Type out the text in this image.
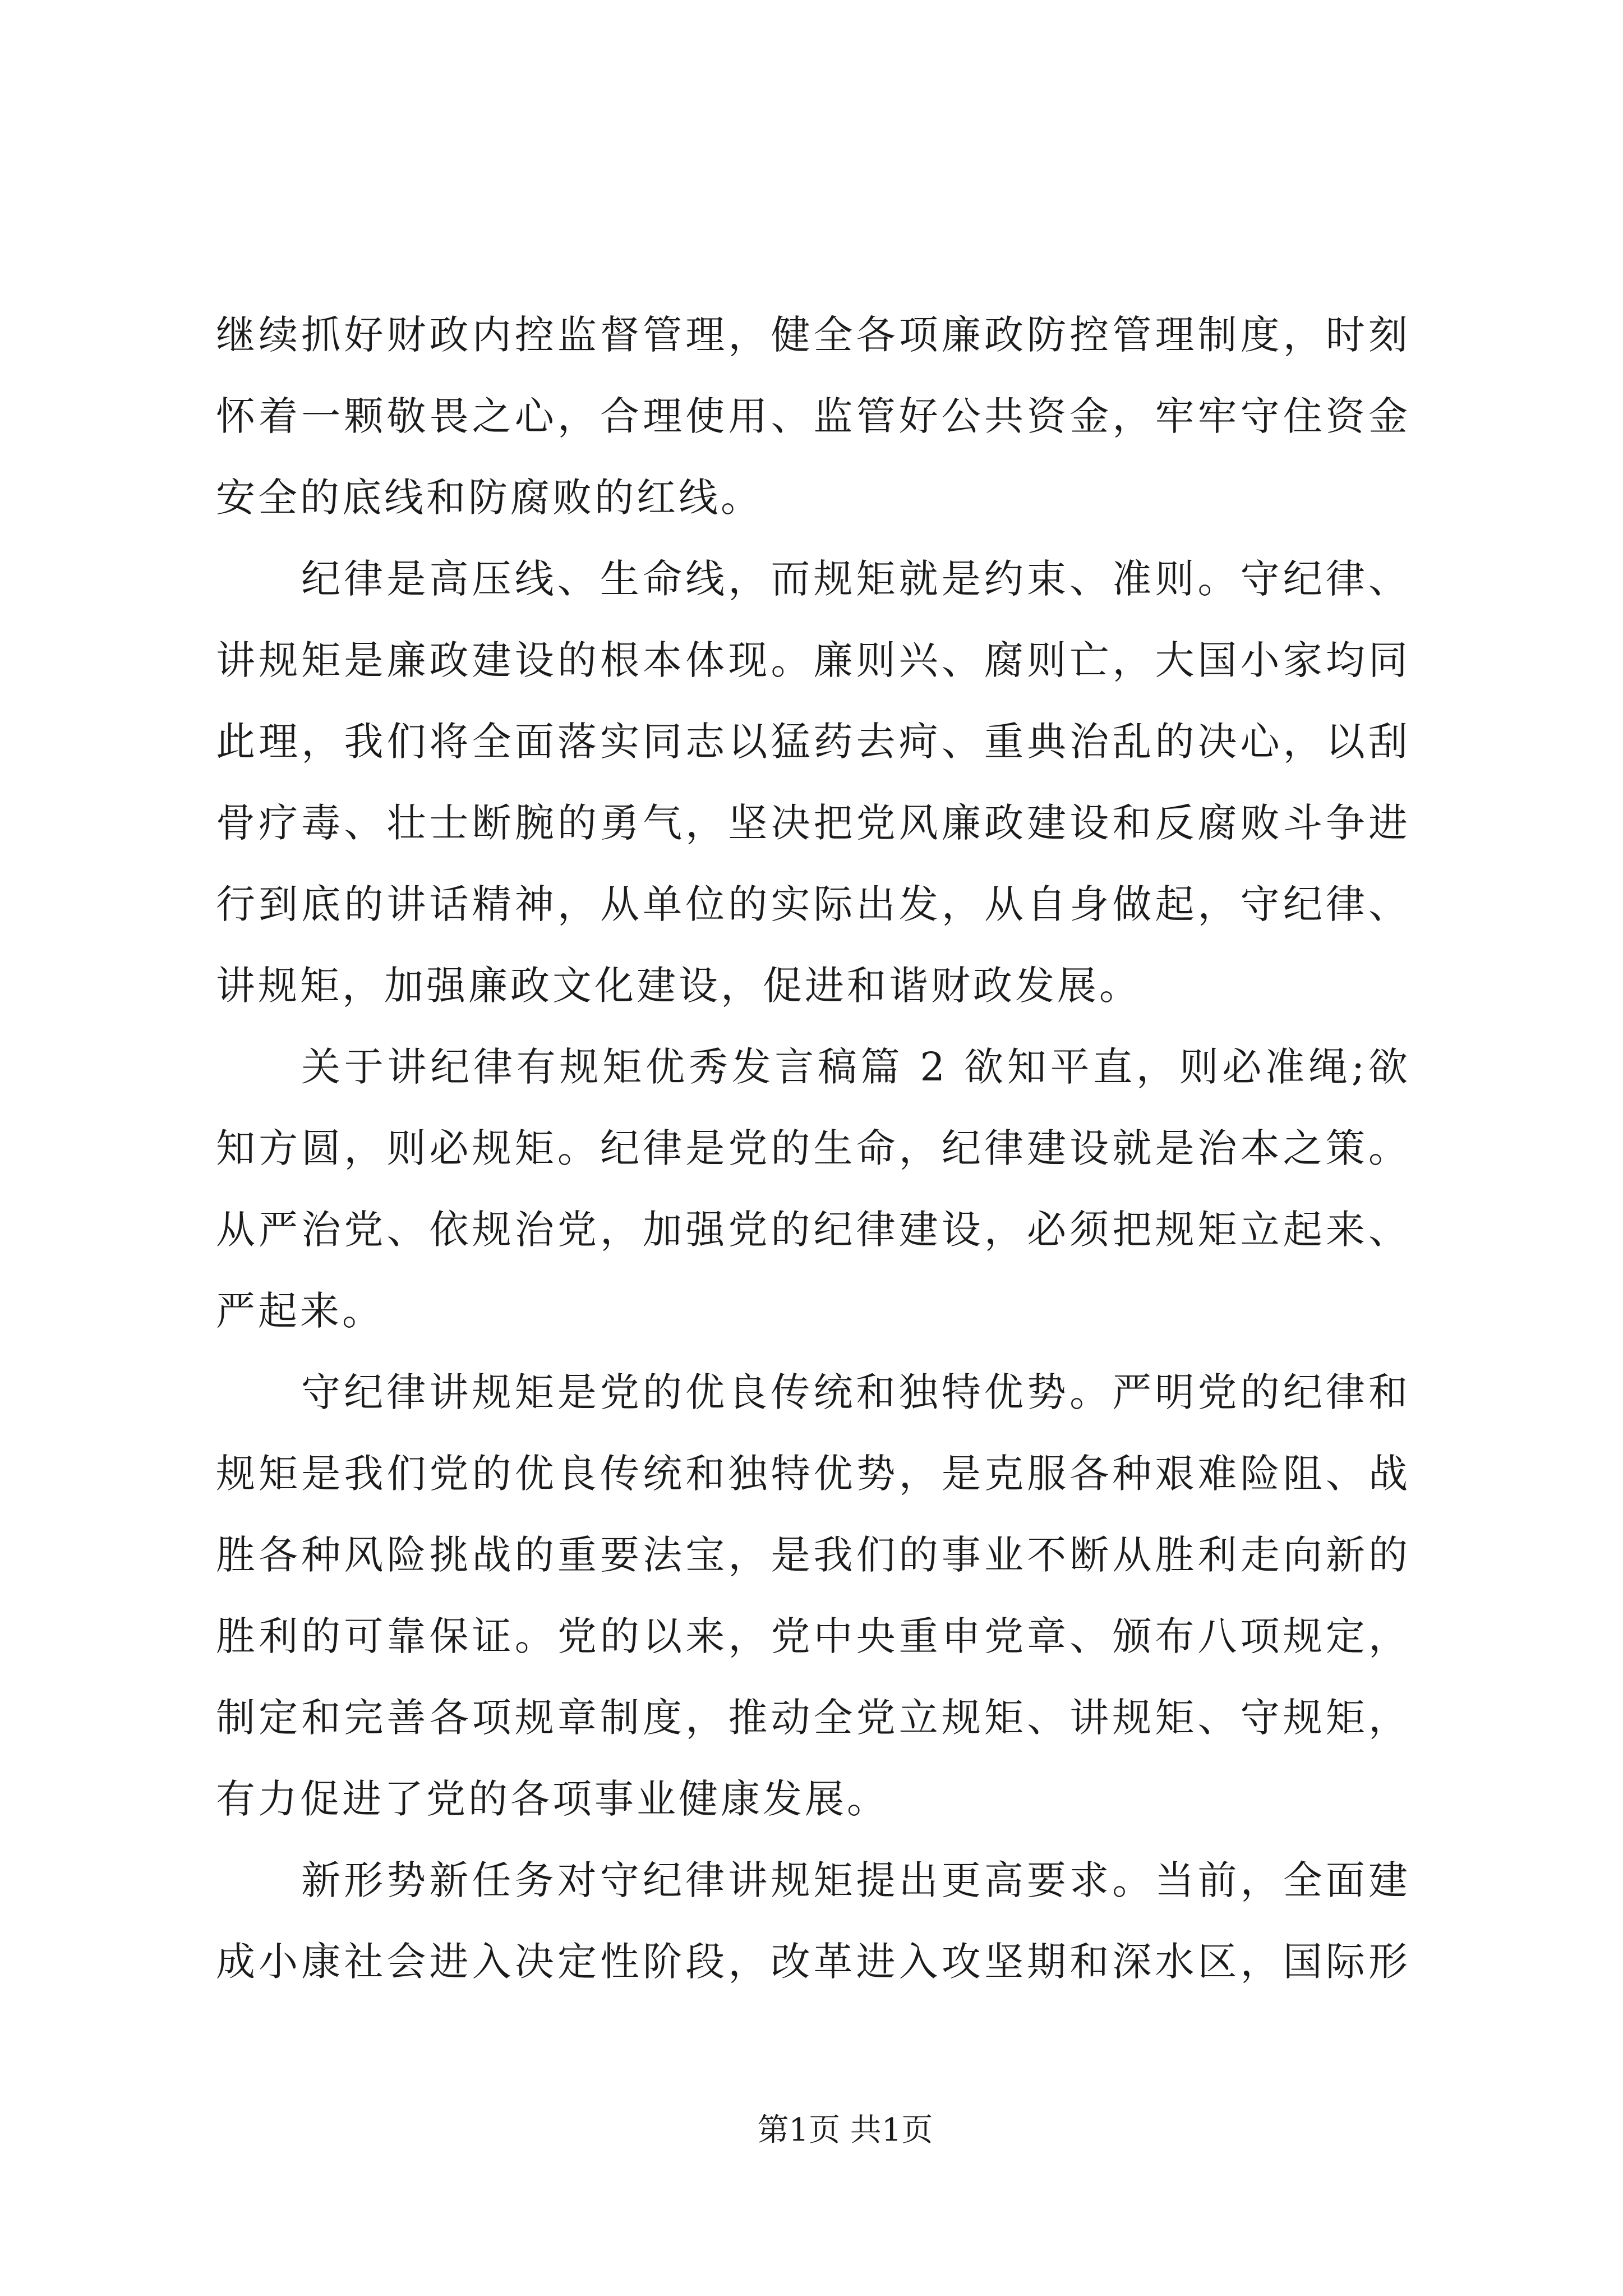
继续抓好财政内控监督管理，健全各项廉政防控管理制度，时刻
怀着一颗敬畏之心，合理使用、监管好公共资金，牢牢守住资金
安全的底线和防腐败的红线。
纪律是高压线、生命线，而规矩就是约束、准则。守纪律、
讲规矩是廉政建设的根本体现。廉则兴、腐则亡，大国小家均同
此理，我们将全面落实同志以猛药去疴、重典治乱的决心，以刮
骨疗毒、壮士断腕的勇气，坚决把党风廉政建设和反腐败斗争进
行到底的讲话精神，从单位的实际出发，从自身做起，守纪律、
讲规矩，加强廉政文化建设，促进和谐财政发展。
关于讲纪律有规矩优秀发言稿篇 2 欲知平直，则必准绳;欲
知方圆，则必规矩。纪律是党的生命，纪律建设就是治本之策。
从严治党、依规治党，加强党的纪律建设，必须把规矩立起来、
严起来。
守纪律讲规矩是党的优良传统和独特优势。严明党的纪律和
规矩是我们党的优良传统和独特优势，是克服各种艰难险阻、战
胜各种风险挑战的重要法宝，是我们的事业不断从胜利走向新的
胜利的可靠保证。党的以来，党中央重申党章、颁布八项规定，
制定和完善各项规章制度，推动全党立规矩、讲规矩、守规矩，
有力促进了党的各项事业健康发展。
新形势新任务对守纪律讲规矩提出更高要求。当前，全面建
成小康社会进入决定性阶段，改革进入攻坚期和深水区，国际形
第1页 共1页
